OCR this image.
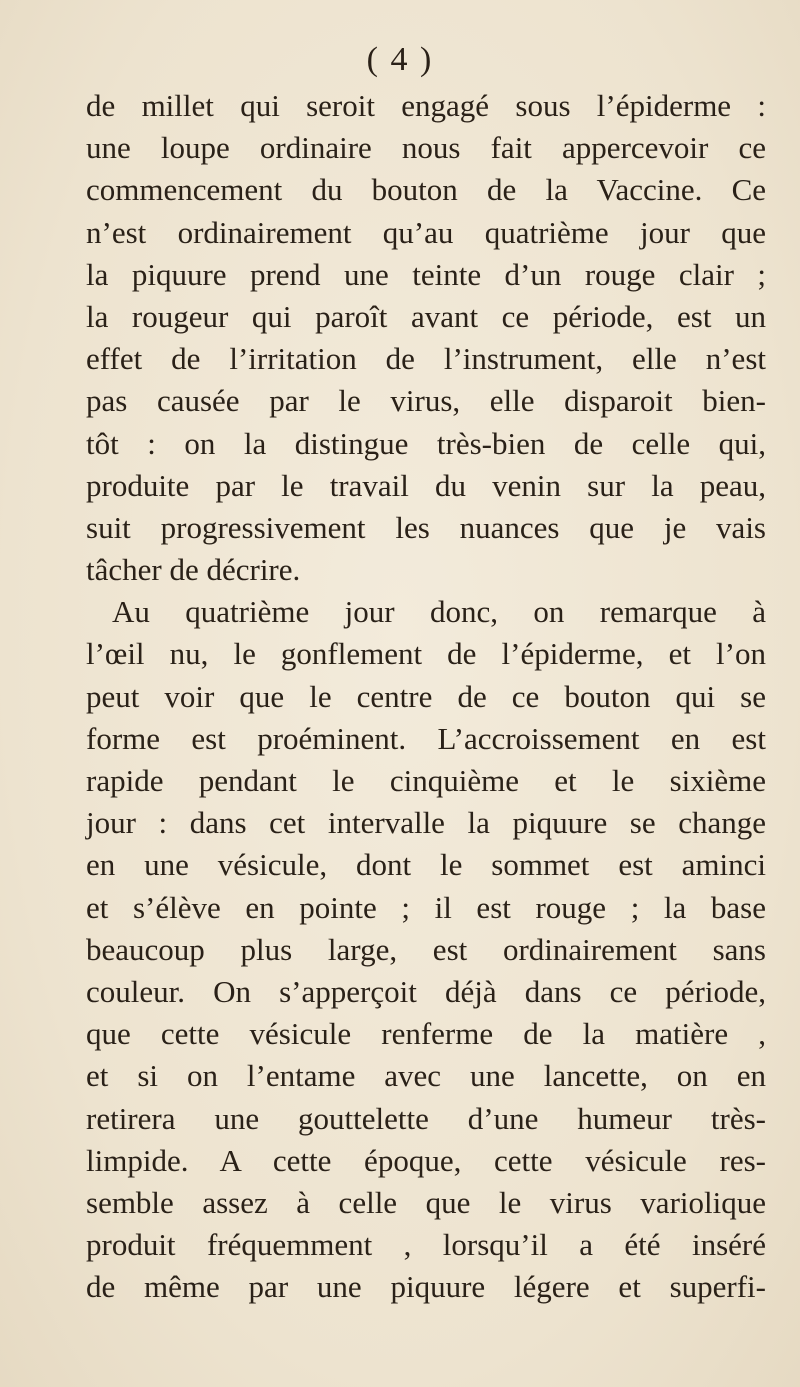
( 4 )
de millet qui seroit engagé sous l’épiderme :
une loupe ordinaire nous fait appercevoir ce
commencement du bouton de la Vaccine. Ce
n’est ordinairement qu’au quatrième jour que
la piquure prend une teinte d’un rouge clair ;
la rougeur qui paroît avant ce période, est un
effet de l’irritation de l’instrument, elle n’est
pas causée par le virus, elle disparoit bien-
tôt : on la distingue très-bien de celle qui,
produite par le travail du venin sur la peau,
suit progressivement les nuances que je vais
tâcher de décrire.
Au quatrième jour donc, on remarque à
l’œil nu, le gonflement de l’épiderme, et l’on
peut voir que le centre de ce bouton qui se
forme est proéminent. L’accroissement en est
rapide pendant le cinquième et le sixième
jour : dans cet intervalle la piquure se change
en une vésicule, dont le sommet est aminci
et s’élève en pointe ; il est rouge ; la base
beaucoup plus large, est ordinairement sans
couleur. On s’apperçoit déjà dans ce période,
que cette vésicule renferme de la matière ,
et si on l’entame avec une lancette, on en
retirera une gouttelette d’une humeur très-
limpide. A cette époque, cette vésicule res-
semble assez à celle que le virus variolique
produit fréquemment , lorsqu’il a été inséré
de même par une piquure légere et superfi-
